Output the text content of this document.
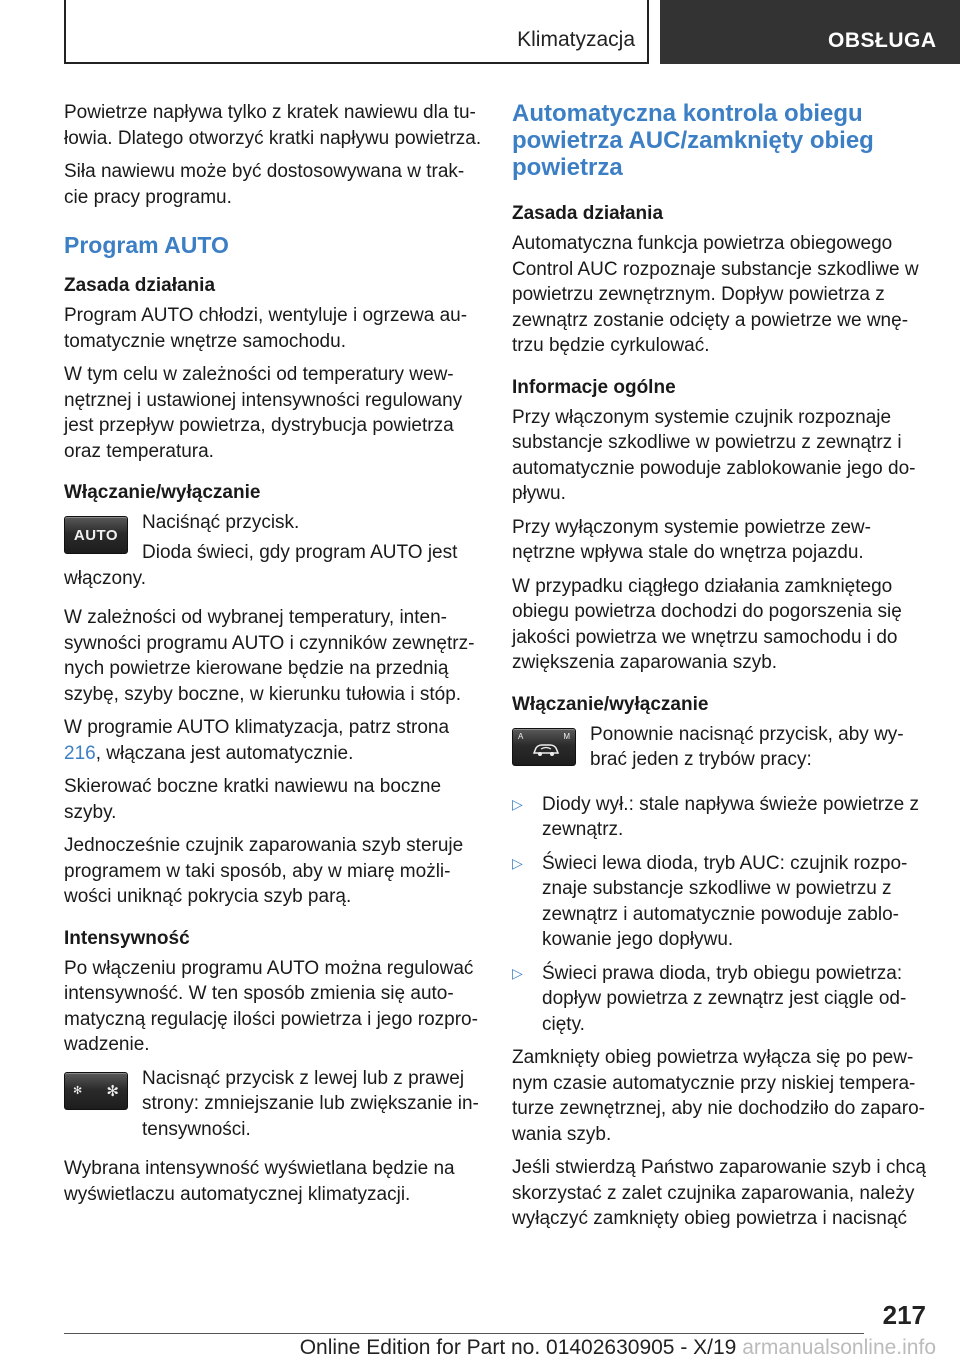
Klimatyzacja	OBSŁUGA

Powietrze napływa tylko z kratek nawiewu dla tu-łowia. Dlatego otworzyć kratki napływu powietrza.

Siła nawiewu może być dostosowywana w trak-cie pracy programu.

Program AUTO
Zasada działania

Program AUTO chłodzi, wentyluje i ogrzewa au-tomatycznie wnętrze samochodu.

W tym celu w zależności od temperatury wew-nętrznej i ustawionej intensywności regulowany jest przepływ powietrza, dystrybucja powietrza oraz temperatura.

Włączanie/wyłączanie
AUTO

Naciśnąć przycisk.

Dioda świeci, gdy program AUTO jest włączony.

W zależności od wybranej temperatury, inten-sywności programu AUTO i czynników zewnętrz-nych powietrze kierowane będzie na przednią szybę, szyby boczne, w kierunku tułowia i stóp.

W programie AUTO klimatyzacja, patrz strona 216, włączana jest automatycznie.

Skierować boczne kratki nawiewu na boczne szyby.

Jednocześnie czujnik zaparowania szyb steruje programem w taki sposób, aby w miarę możli-wości uniknąć pokrycia szyb parą.

Intensywność

Po włączeniu programu AUTO można regulować intensywność. W ten sposób zmienia się auto-matyczną regulację ilości powietrza i jego rozpro-wadzenie.

✻ ✻

Nacisnąć przycisk z lewej lub z prawej strony: zmniejszanie lub zwiększanie in-tensywności.

Wybrana intensywność wyświetlana będzie na wyświetlaczu automatycznej klimatyzacji.

Automatyczna kontrola obiegu powietrza AUC/zamknięty obieg powietrza
Zasada działania

Automatyczna funkcja powietrza obiegowego Control AUC rozpoznaje substancje szkodliwe w powietrzu zewnętrznym. Dopływ powietrza z zewnątrz zostanie odcięty a powietrze we wnę-trzu będzie cyrkulować.

Informacje ogólne

Przy włączonym systemie czujnik rozpoznaje substancje szkodliwe w powietrzu z zewnątrz i automatycznie powoduje zablokowanie jego do-pływu.

Przy wyłączonym systemie powietrze zew-nętrzne wpływa stale do wnętrza pojazdu.

W przypadku ciągłego działania zamkniętego obiegu powietrza dochodzi do pogorszenia się jakości powietrza we wnętrzu samochodu i do zwiększenia zaparowania szyb.

Włączanie/wyłączanie
A	M Ponownie nacisnąć przycisk, aby wy-brać jeden z trybów pracy:

▷ Diody wył.: stale napływa świeże powietrze z zewnątrz.
▷ Świeci lewa dioda, tryb AUC: czujnik rozpo-znaje substancje szkodliwe w powietrzu z zewnątrz i automatycznie powoduje zablo-kowanie jego dopływu.
▷ Świeci prawa dioda, tryb obiegu powietrza: dopływ powietrza z zewnątrz jest ciągle od-cięty.

Zamknięty obieg powietrza wyłącza się po pew-nym czasie automatycznie przy niskiej tempera-turze zewnętrznej, aby nie dochodziło do zaparo-wania szyb.

Jeśli stwierdzą Państwo zaparowanie szyb i chcą skorzystać z zalet czujnika zaparowania, należy wyłączyć zamknięty obieg powietrza i nacisnąć

217
Online Edition for Part no. 01402630905 - X/19 armanualsonline.info
